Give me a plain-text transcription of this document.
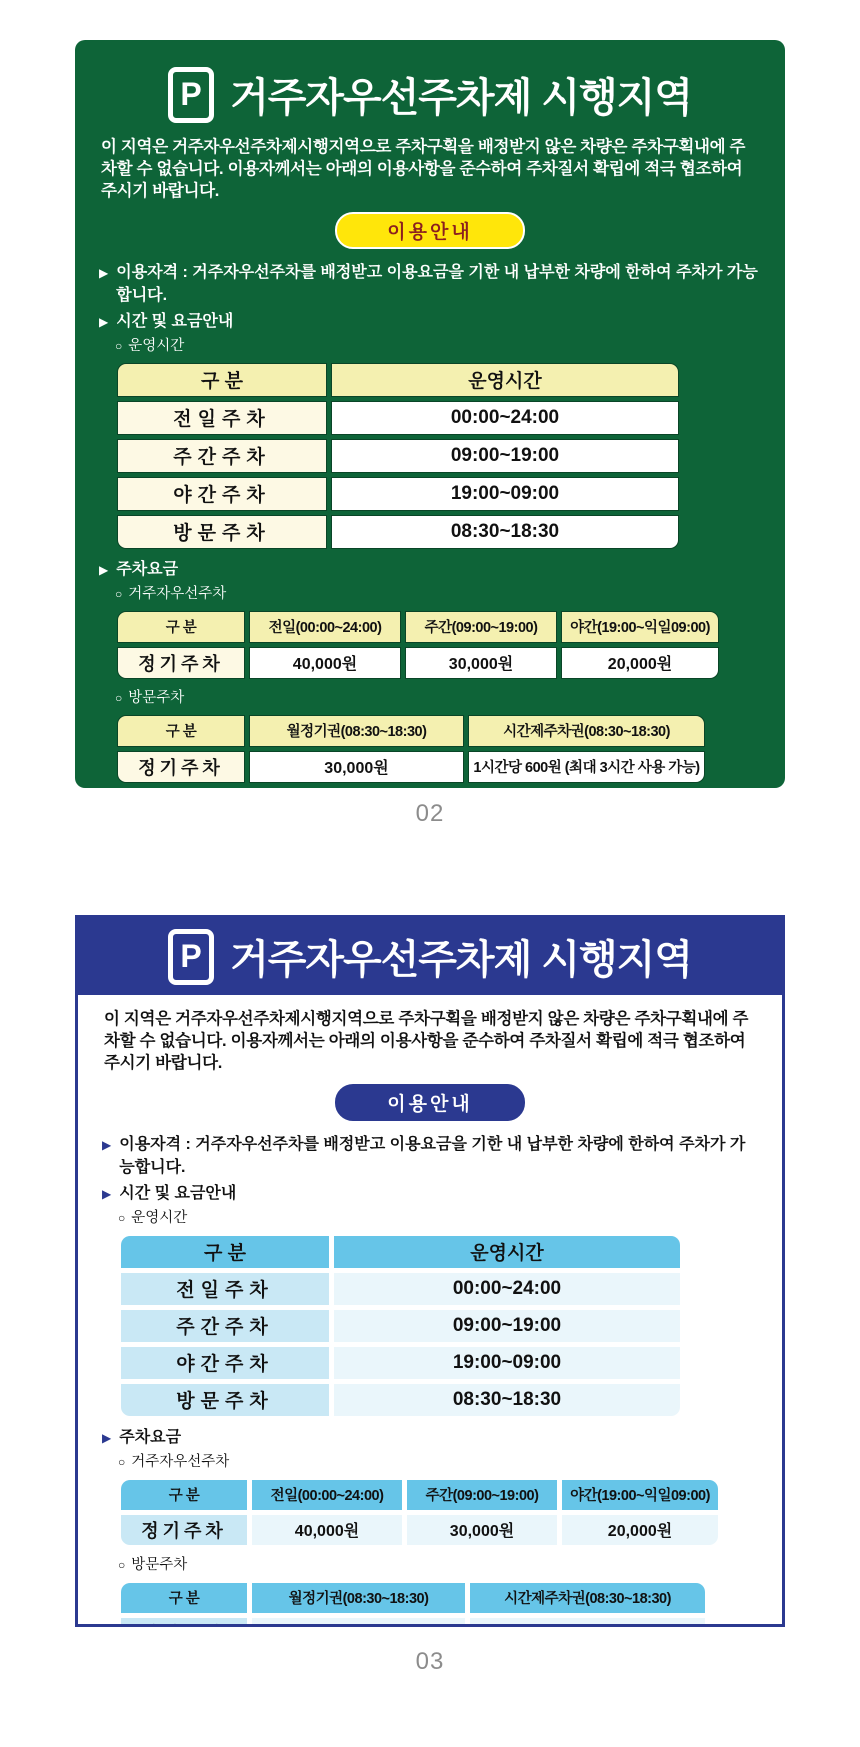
P 거주자우선주차제 시행지역
이 지역은 거주자우선주차제시행지역으로 주차구획을 배정받지 않은 차량은 주차구획내에 주차할 수 없습니다. 이용자께서는 아래의 이용사항을 준수하여 주차질서 확립에 적극 협조하여 주시기 바랍니다.
이용안내
▶ 이용자격 : 거주자우선주차를 배정받고 이용요금을 기한 내 납부한 차량에 한하여 주차가 가능합니다.
▶ 시간 및 요금안내
○ 운영시간
구 분	운영시간
전일주차	00:00~24:00
주간주차	09:00~19:00
야간주차	19:00~09:00
방문주차	08:30~18:30
▶ 주차요금
○ 거주자우선주차
구 분	전일(00:00~24:00)	주간(09:00~19:00)	야간(19:00~익일09:00)
정기주차	40,000원	30,000원	20,000원
○ 방문주차
구 분	월정기권(08:30~18:30)	시간제주차권(08:30~18:30)
정기주차	30,000원	1시간당 600원 (최대 3시간 사용 가능)
02
03
P 거주자우선주차제 시행지역
이 지역은 거주자우선주차제시행지역으로 주차구획을 배정받지 않은 차량은 주차구획내에 주차할 수 없습니다. 이용자께서는 아래의 이용사항을 준수하여 주차질서 확립에 적극 협조하여 주시기 바랍니다.
이용안내
▶ 이용자격 : 거주자우선주차를 배정받고 이용요금을 기한 내 납부한 차량에 한하여 주차가 가능합니다.
▶ 시간 및 요금안내
○ 운영시간
구 분	운영시간
전일주차	00:00~24:00
주간주차	09:00~19:00
야간주차	19:00~09:00
방문주차	08:30~18:30
▶ 주차요금
○ 거주자우선주차
구 분	전일(00:00~24:00)	주간(09:00~19:00)	야간(19:00~익일09:00)
정기주차	40,000원	30,000원	20,000원
○ 방문주차
구 분	월정기권(08:30~18:30)	시간제주차권(08:30~18:30)
